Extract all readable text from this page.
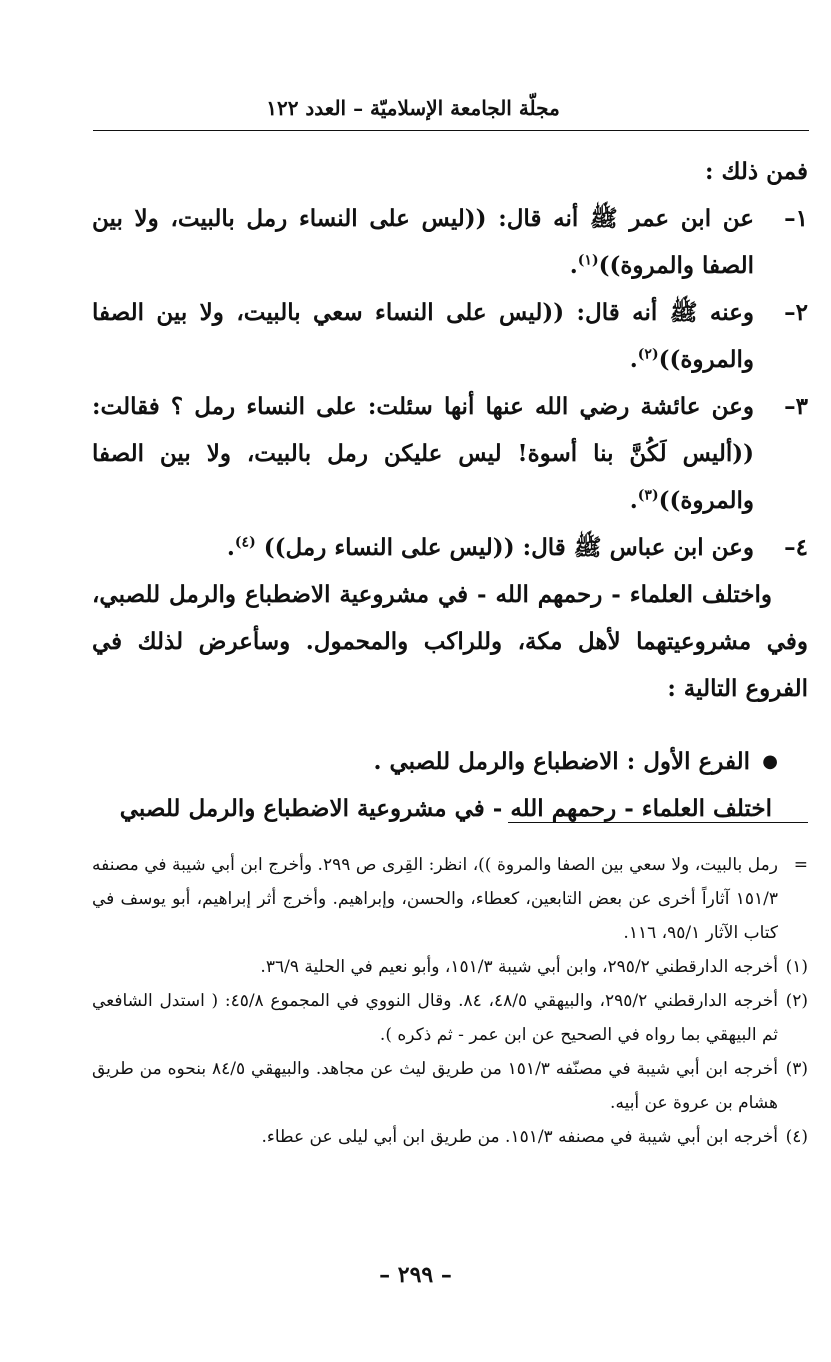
مجلّة الجامعة الإسلاميّة – العدد ١٢٢

فمن ذلك :

١–
عن ابن عمر ﷺ أنه قال: ((ليس على النساء رمل بالبيت، ولا بين الصفا والمروة))$^{(١)}$.

٢–
وعنه ﷺ أنه قال: ((ليس على النساء سعي بالبيت، ولا بين الصفا والمروة))$^{(٢)}$.

٣–
وعن عائشة رضي الله عنها أنها سئلت: على النساء رمل ؟ فقالت: ((أليس لَكُنَّ بنا أسوة! ليس عليكن رمل بالبيت، ولا بين الصفا والمروة))$^{(٣)}$.

٤–
وعن ابن عباس ﷺ قال: ((ليس على النساء رمل)) $^{(٤)}$.

واختلف العلماء - رحمهم الله - في مشروعية الاضطباع والرمل للصبي، وفي مشروعيتهما لأهل مكة، وللراكب والمحمول. وسأعرض لذلك في الفروع التالية :

●
الفرع الأول : الاضطباع والرمل للصبي .

اختلف العلماء - رحمهم الله - في مشروعية الاضطباع والرمل للصبي

=
رمل بالبيت، ولا سعي بين الصفا والمروة ))، انظر: القِرى ص ٢٩٩. وأخرج ابن أبي شيبة في مصنفه ١٥١/٣ آثاراً أخرى عن بعض التابعين، كعطاء، والحسن، وإبراهيم. وأخرج أثر إبراهيم، أبو يوسف في كتاب الآثار ٩٥/١، ١١٦.

(١)
أخرجه الدارقطني ٢٩٥/٢، وابن أبي شيبة ١٥١/٣، وأبو نعيم في الحلية ٣٦/٩.

(٢)
أخرجه الدارقطني ٢٩٥/٢، والبيهقي ٤٨/٥، ٨٤. وقال النووي في المجموع ٤٥/٨: ( استدل الشافعي ثم البيهقي بما رواه في الصحيح عن ابن عمر - ثم ذكره ).

(٣)
أخرجه ابن أبي شيبة في مصنّفه ١٥١/٣ من طريق ليث عن مجاهد. والبيهقي ٨٤/٥ بنحوه من طريق هشام بن عروة عن أبيه.

(٤)
أخرجه ابن أبي شيبة في مصنفه ١٥١/٣. من طريق ابن أبي ليلى عن عطاء.

– ٢٩٩ –
